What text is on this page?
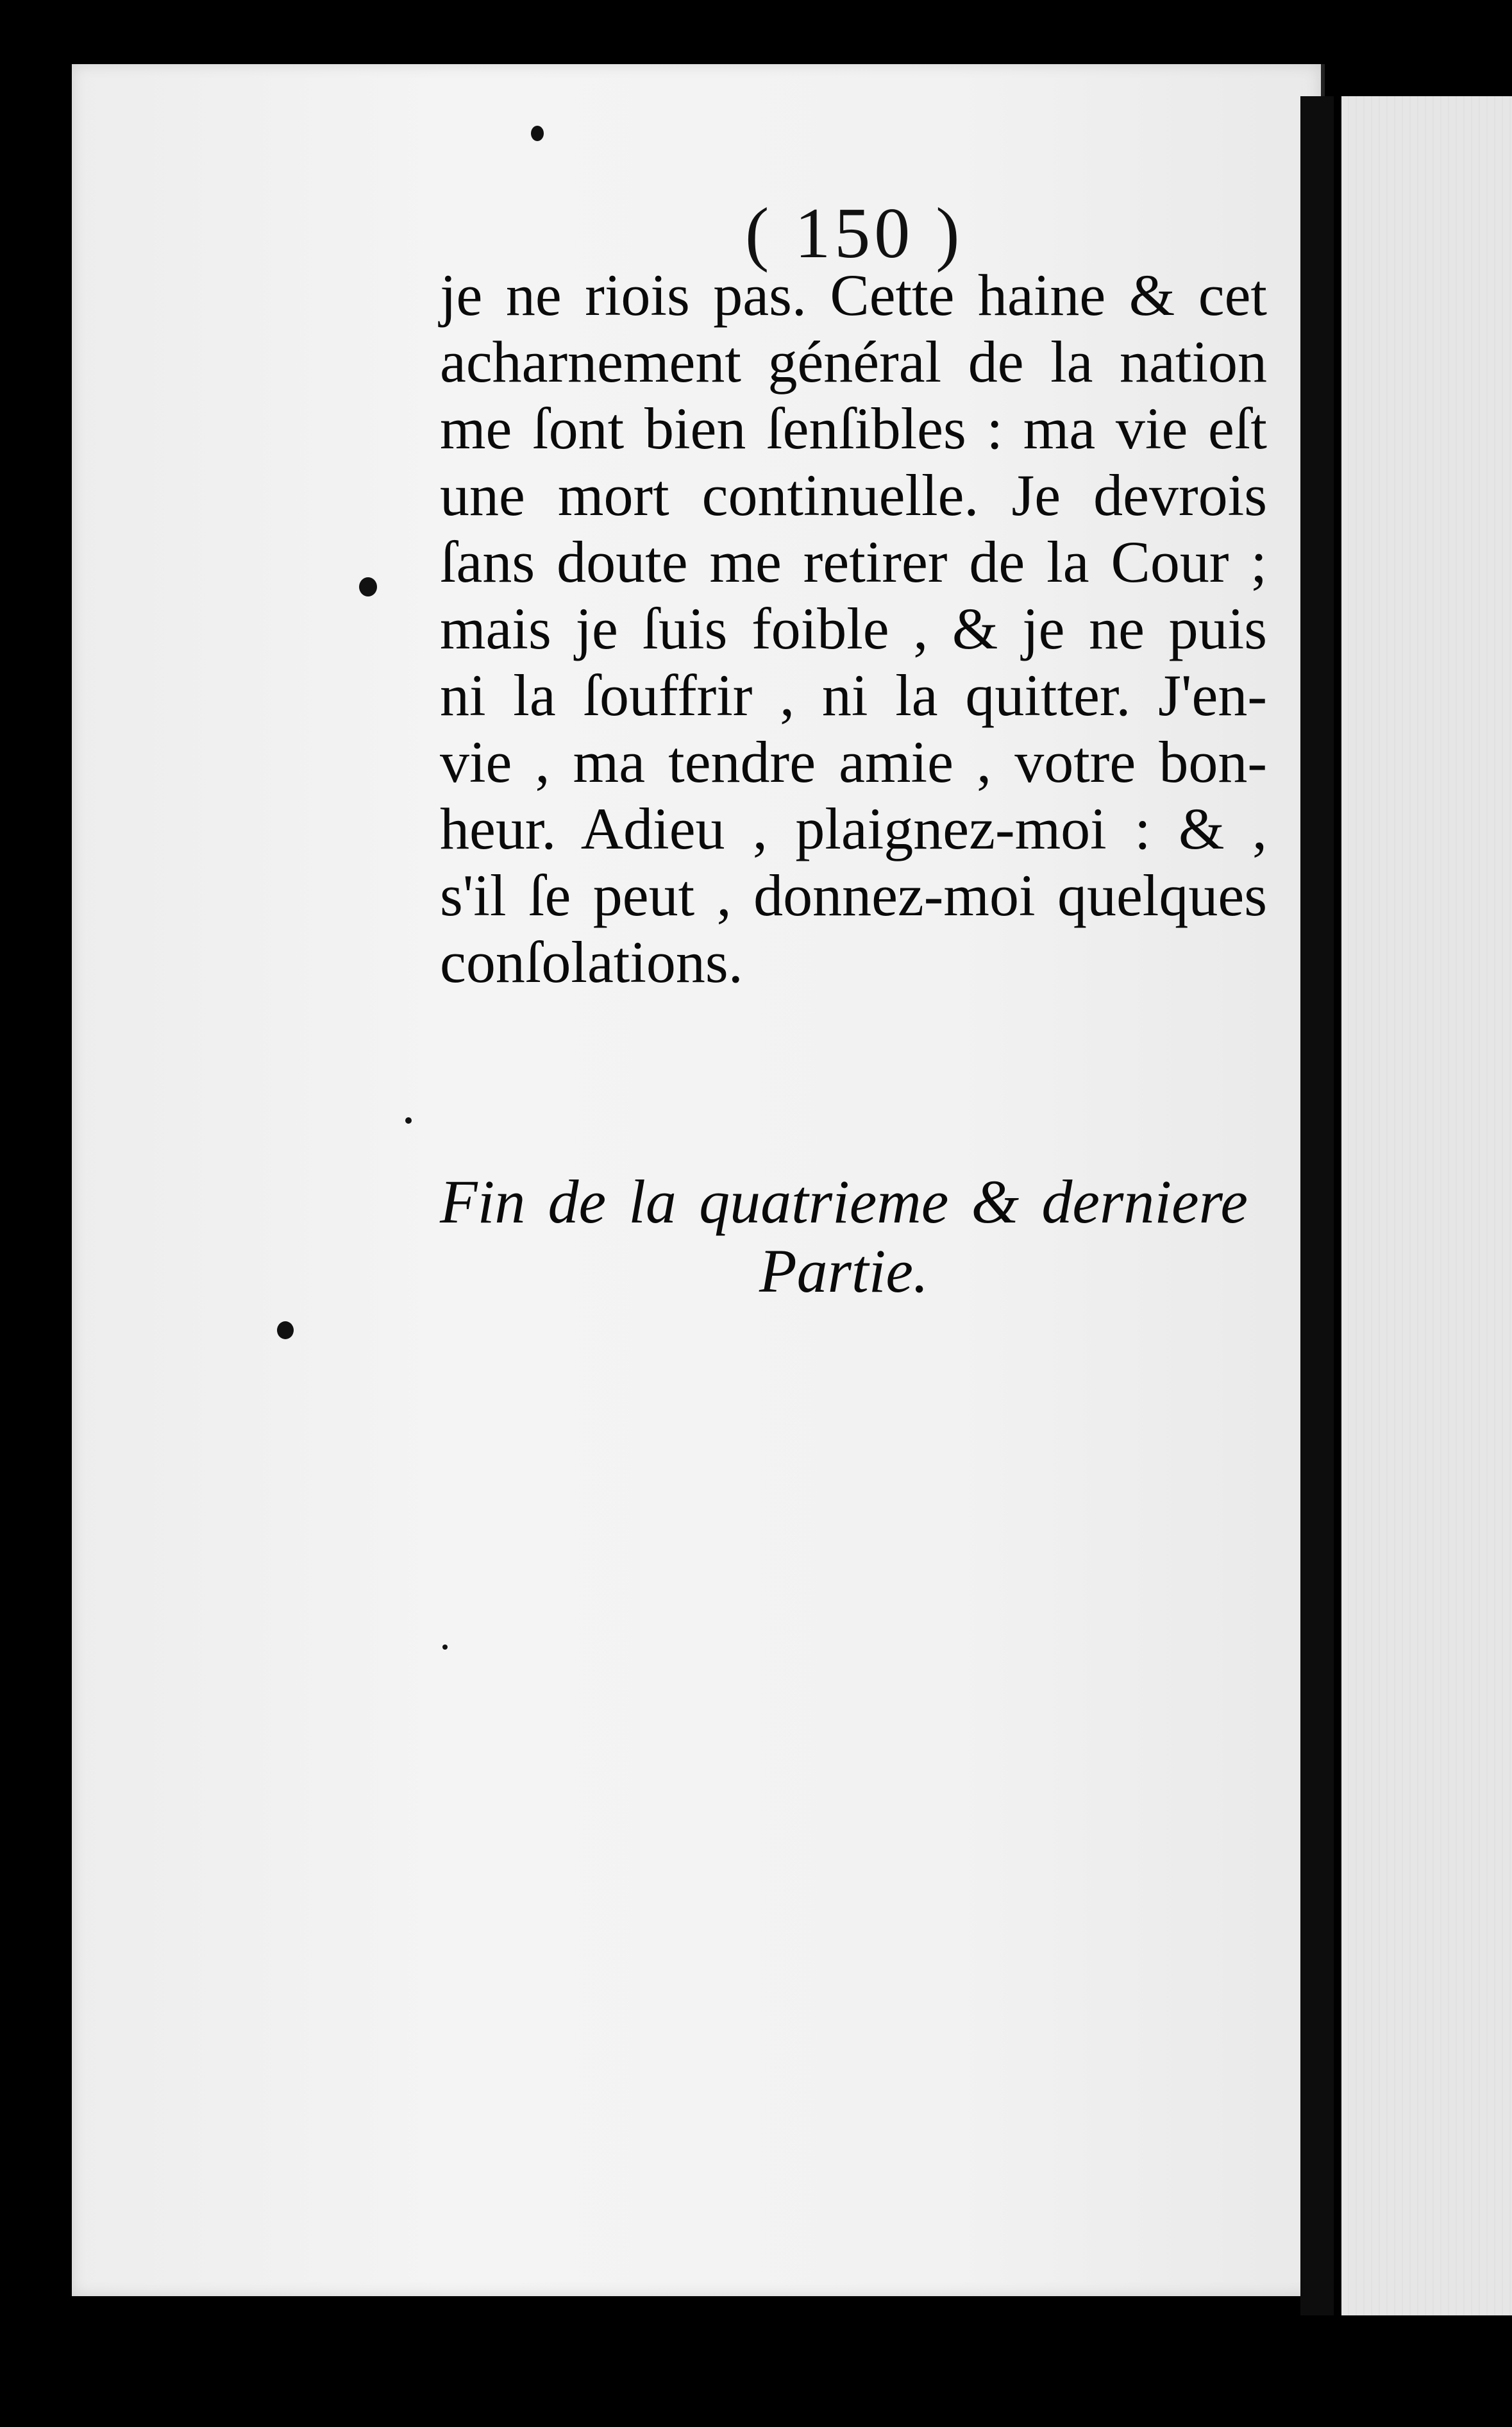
( 150 )
je ne riois pas. Cette haine & cet
acharnement général de la nation
me ſont bien ſenſibles : ma vie eſt
une mort continuelle. Je devrois
ſans doute me retirer de la Cour ;
mais je ſuis foible , & je ne puis
ni la ſouffrir , ni la quitter. J'en-
vie , ma tendre amie , votre bon-
heur. Adieu , plaignez-moi : & ,
s'il ſe peut , donnez-moi quelques
conſolations.
Fin de la quatrieme & derniere
Partie.
